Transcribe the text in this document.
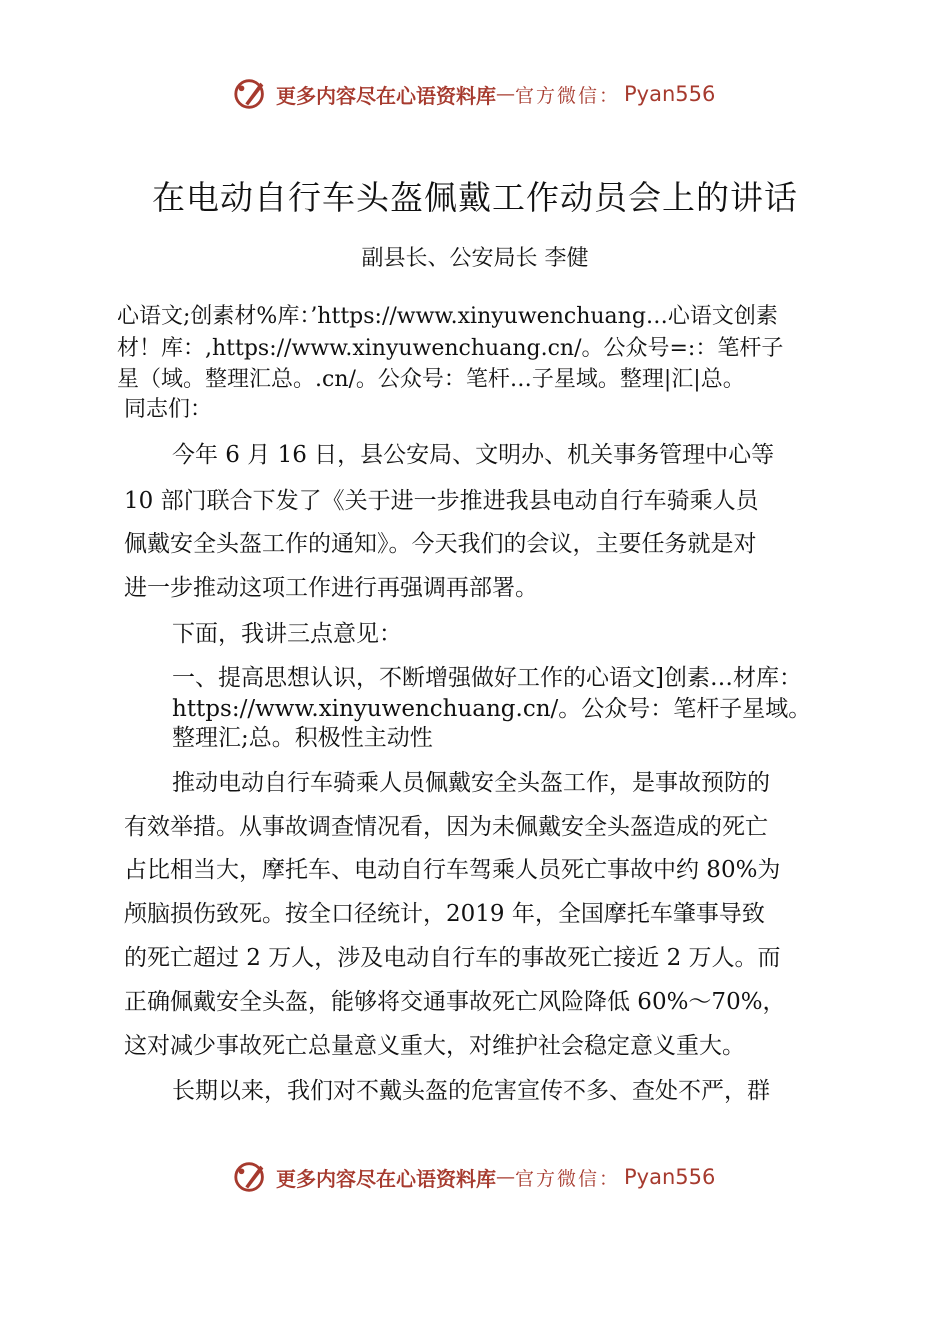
更多内容尽在心语资料库 — 官方微信： Pyan556
在电动自行车头盔佩戴工作动员会上的讲话
副县长、公安局长 李健
心语文;创素材%库：’https://www.xinyuwenchuang…心语文创素
材！库：,https://www.xinyuwenchuang.cn/。公众号=:：笔杆子
星（域。整理汇总。.cn/。公众号：笔杆…子星域。整理|汇|总。
同志们：
今年 6 月 16 日，县公安局、文明办、机关事务管理中心等
10 部门联合下发了《关于进一步推进我县电动自行车骑乘人员
佩戴安全头盔工作的通知》。今天我们的会议，主要任务就是对
进一步推动这项工作进行再强调再部署。
下面，我讲三点意见：
一、提高思想认识，不断增强做好工作的心语文]创素…材库：
https://www.xinyuwenchuang.cn/。公众号：笔杆子星域。
整理汇;总。积极性主动性
推动电动自行车骑乘人员佩戴安全头盔工作，是事故预防的
有效举措。从事故调查情况看，因为未佩戴安全头盔造成的死亡
占比相当大，摩托车、电动自行车驾乘人员死亡事故中约 80%为
颅脑损伤致死。按全口径统计，2019 年，全国摩托车肇事导致
的死亡超过 2 万人，涉及电动自行车的事故死亡接近 2 万人。而
正确佩戴安全头盔，能够将交通事故死亡风险降低 60%～70%，
这对减少事故死亡总量意义重大，对维护社会稳定意义重大。
长期以来，我们对不戴头盔的危害宣传不多、查处不严，群
更多内容尽在心语资料库 — 官方微信： Pyan556
